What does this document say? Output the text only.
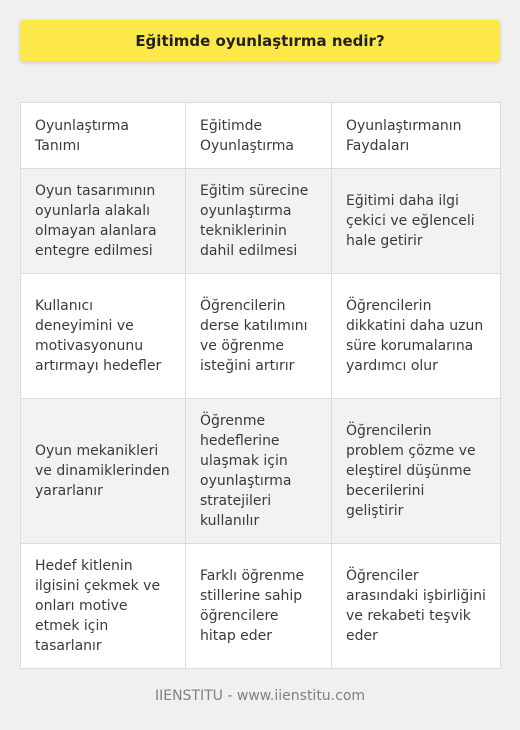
Eğitimde oyunlaştırma nedir?
Oyunlaştırma Tanımı	Eğitimde Oyunlaştırma	Oyunlaştırmanın Faydaları
Oyun tasarımının oyunlarla alakalı olmayan alanlara entegre edilmesi	Eğitim sürecine oyunlaştırma tekniklerinin dahil edilmesi	Eğitimi daha ilgi çekici ve eğlenceli hale getirir
Kullanıcı deneyimini ve motivasyonunu artırmayı hedefler	Öğrencilerin derse katılımını ve öğrenme isteğini artırır	Öğrencilerin dikkatini daha uzun süre korumalarına yardımcı olur
Oyun mekanikleri ve dinamiklerinden yararlanır	Öğrenme hedeflerine ulaşmak için oyunlaştırma stratejileri kullanılır	Öğrencilerin problem çözme ve eleştirel düşünme becerilerini geliştirir
Hedef kitlenin ilgisini çekmek ve onları motive etmek için tasarlanır	Farklı öğrenme stillerine sahip öğrencilere hitap eder	Öğrenciler arasındaki işbirliğini ve rekabeti teşvik eder
IIENSTITU - www.iienstitu.com
